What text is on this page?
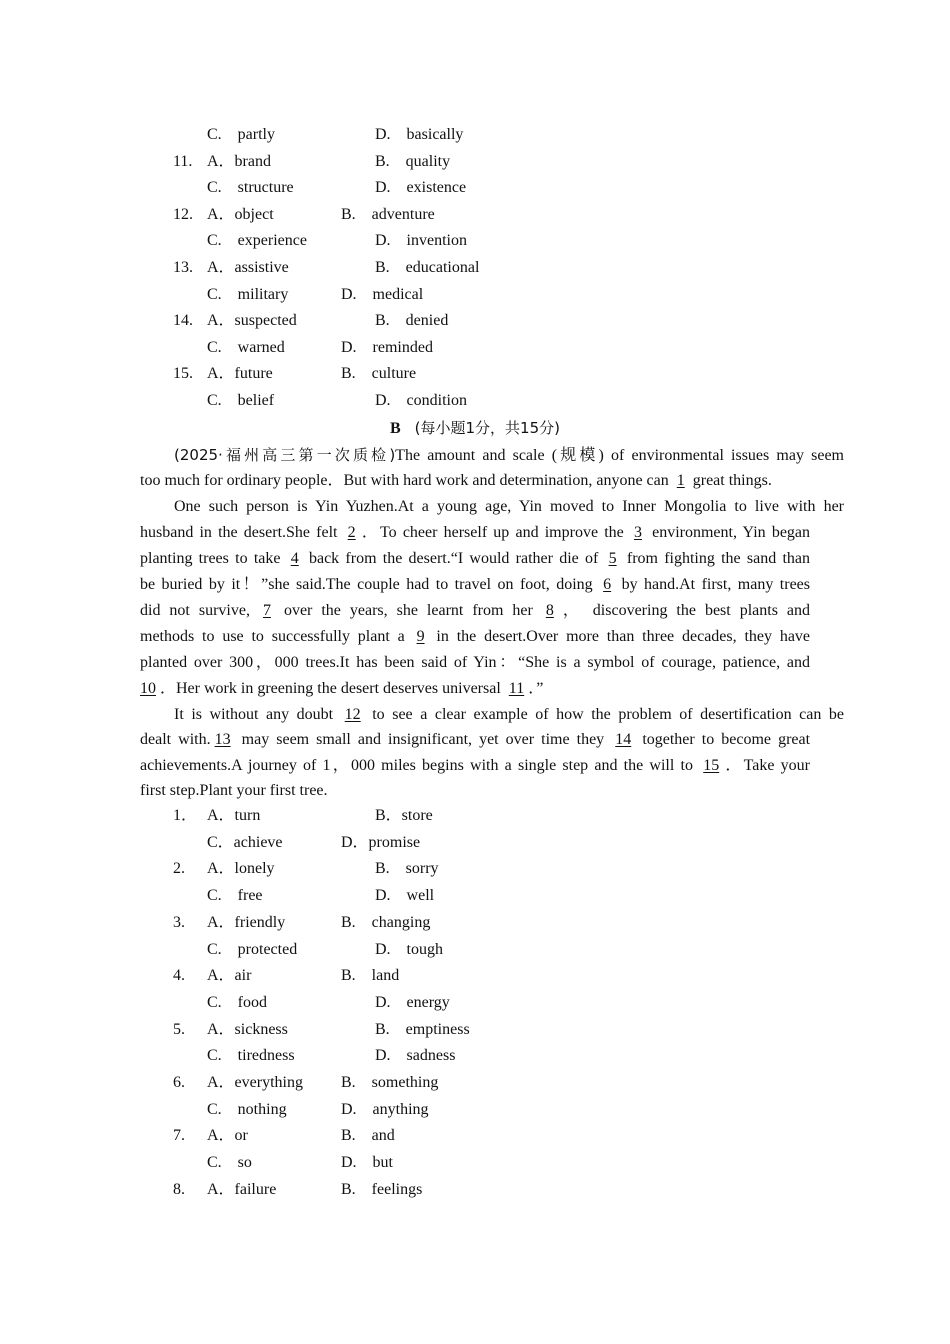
C.　partly	D.　basically
11. A．brand	B.　quality
C.　structure	D.　existence
12. A．object	B.　adventure
C.　experience	D.　invention
13. A．assistive	B.　educational
C.　military	D.　medical
14. A．suspected	B.　denied
C.　warned	D.　reminded
15. A．future	B.　culture
C.　belief	D.　condition
B (每小题1分，共15分)
(2025·福州高三第一次质检)The amount and scale (规模) of environmental issues may seem
too much for ordinary people．But with hard work and determination, anyone can 1 great things.
One such person is Yin Yuzhen.At a young age, Yin moved to Inner Mongolia to live with her
husband in the desert.She felt 2 ．To cheer herself up and improve the 3 environment, Yin began
planting trees to take 4 back from the desert.“I would rather die of 5 from fighting the sand than
be buried by it！”she said.The couple had to travel on foot, doing 6 by hand.At first, many trees
did not survive, 7 over the years, she learnt from her 8 ， discovering the best plants and
methods to use to successfully plant a 9 in the desert.Over more than three decades, they have
planted over 300，000 trees.It has been said of Yin：“She is a symbol of courage, patience, and
10 ．Her work in greening the desert deserves universal 11 ．”
It is without any doubt 12 to see a clear example of how the problem of desertification can be
dealt with. 13 may seem small and insignificant, yet over time they 14 together to become great
achievements.A journey of 1，000 miles begins with a single step and the will to 15 ．Take your
first step.Plant your first tree.
1． A．turn	B．store
C．achieve	D．promise
2. A．lonely	B.　sorry
C.　free	D.　well
3. A．friendly	B.　changing
C.　protected	D.　tough
4. A．air	B.　land
C.　food	D.　energy
5. A．sickness	B.　emptiness
C.　tiredness	D.　sadness
6. A．everything B.　something
C.　nothing	D.　anything
7. A．or	B.　and
C.　so	D.　but
8. A．failure	B.　feelings
